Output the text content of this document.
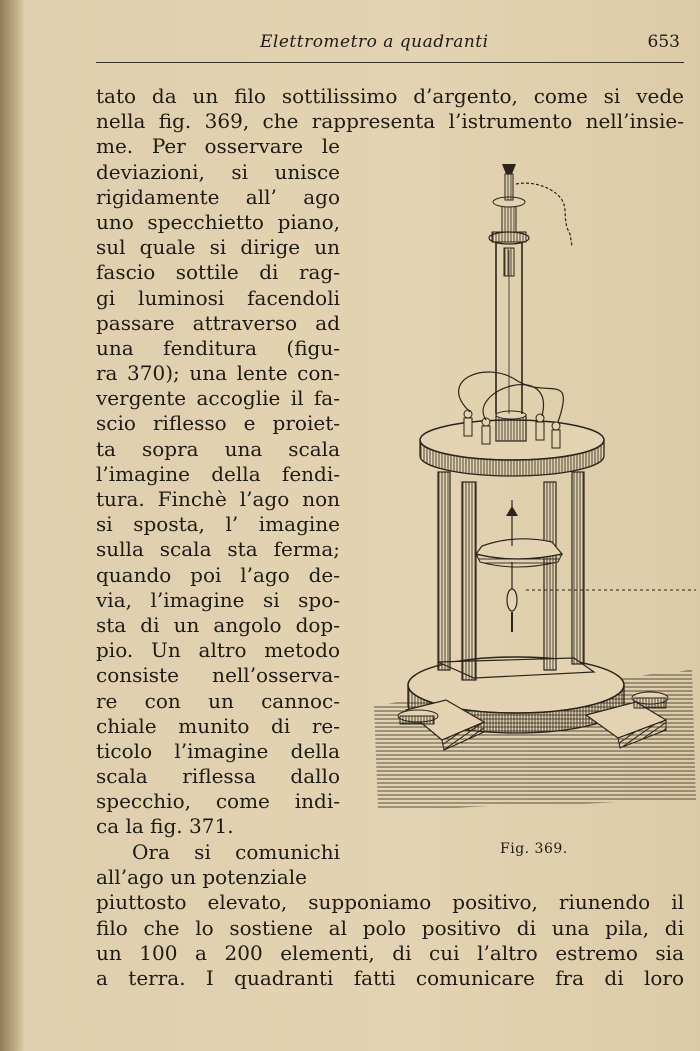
Elettrometro a quadranti	653
tato da un filo sottilissimo d’argento, come si vede
nella fig. 369, che rappresenta l’istrumento nell’insie-
me. Per osservare le
deviazioni, si unisce
rigidamente all’ ago
uno specchietto piano,
sul quale si dirige un
fascio sottile di rag-
gi luminosi facendoli
passare attraverso ad
una fenditura (figu-
ra 370); una lente con-
vergente accoglie il fa-
scio riflesso e proiet-
ta sopra una scala
l’imagine della fendi-
tura. Finchè l’ago non
si sposta, l’ imagine
sulla scala sta ferma;
quando poi l’ago de-
via, l’imagine si spo-
sta di un angolo dop-
pio. Un altro metodo
consiste nell’osserva-
re con un cannoc-
chiale munito di re-
ticolo l’imagine della
scala riflessa dallo
specchio, come indi-
ca la fig. 371.
Ora si comunichi
all’ago un potenziale
piuttosto elevato, supponiamo positivo, riunendo il
filo che lo sostiene al polo positivo di una pila, di
un 100 a 200 elementi, di cui l’altro estremo sia
a terra. I quadranti fatti comunicare fra di loro
Fig. 369.
